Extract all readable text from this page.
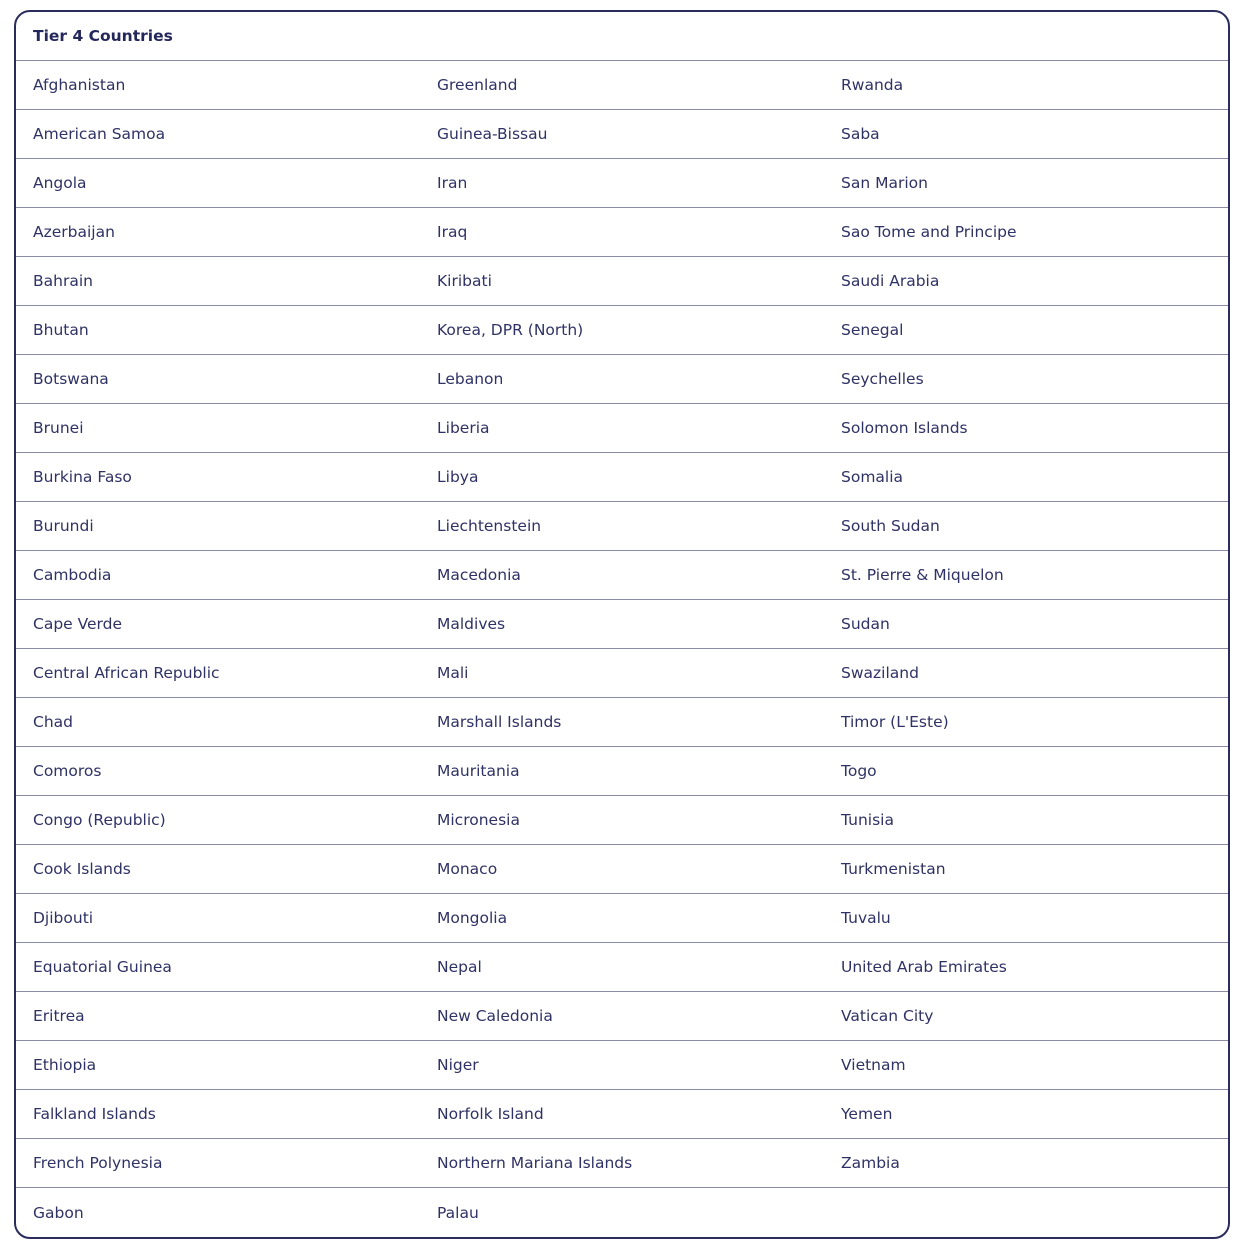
Tier 4 Countries
Afghanistan	Greenland	Rwanda
American Samoa	Guinea-Bissau	Saba
Angola	Iran	San Marion
Azerbaijan	Iraq	Sao Tome and Principe
Bahrain	Kiribati	Saudi Arabia
Bhutan	Korea, DPR (North)	Senegal
Botswana	Lebanon	Seychelles
Brunei	Liberia	Solomon Islands
Burkina Faso	Libya	Somalia
Burundi	Liechtenstein	South Sudan
Cambodia	Macedonia	St. Pierre & Miquelon
Cape Verde	Maldives	Sudan
Central African Republic	Mali	Swaziland
Chad	Marshall Islands	Timor (L'Este)
Comoros	Mauritania	Togo
Congo (Republic)	Micronesia	Tunisia
Cook Islands	Monaco	Turkmenistan
Djibouti	Mongolia	Tuvalu
Equatorial Guinea	Nepal	United Arab Emirates
Eritrea	New Caledonia	Vatican City
Ethiopia	Niger	Vietnam
Falkland Islands	Norfolk Island	Yemen
French Polynesia	Northern Mariana Islands	Zambia
Gabon	Palau
